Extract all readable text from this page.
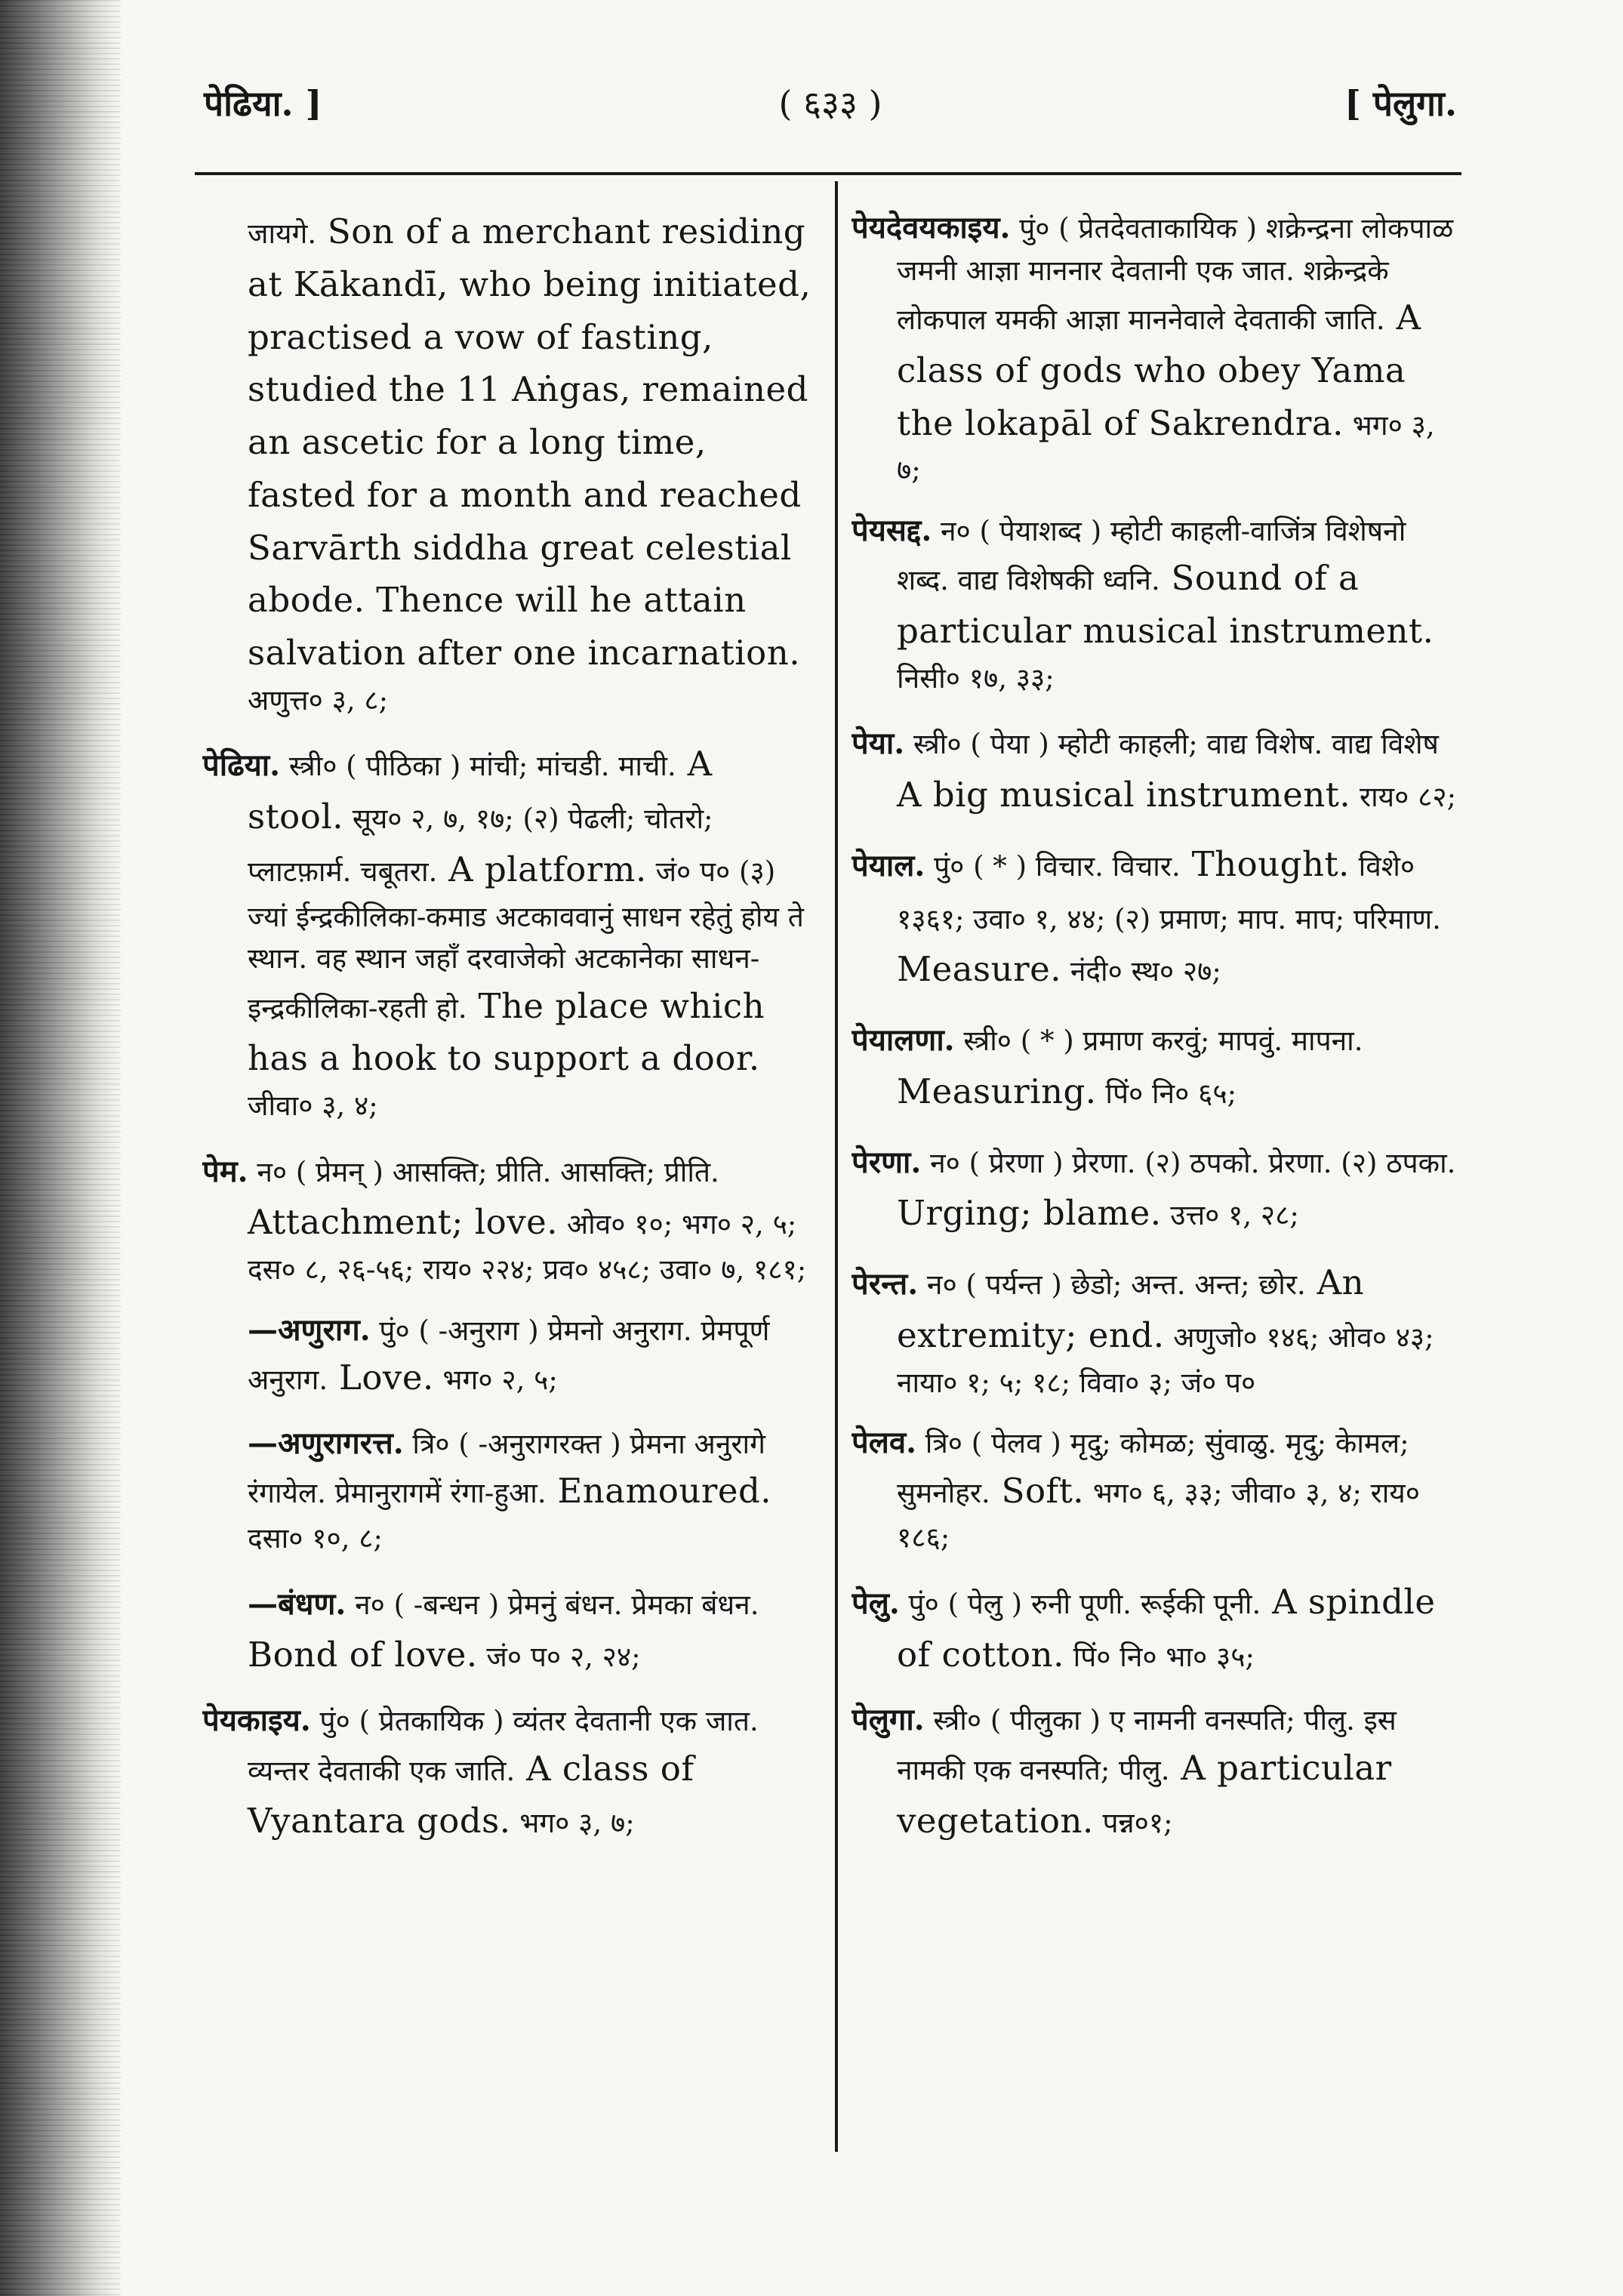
( ६३३ )
पेढिया. ]	[ पेलुगा.

जायगे. Son of a merchant residing at Kākandī, who being initiated, practised a vow of fasting, studied the 11 Aṅgas, remained an ascetic for a long time, fasted for a month and reached Sarvārth siddha great celestial abode. Thence will he attain salvation after one incarnation.अणुत्त० ३, ८;

पेढिया. स्त्री० ( पीठिका ) मांची; मांचडी. माची. A stool. सूय० २, ७, १७; (२) पेढली; चोतरो; प्लाटफ़ार्म. चबूतरा. A platform. जं० प० (३) ज्यां ईन्द्रकीलिका-कमाड अटकाववानुं साधन रहेतुं होय ते स्थान. वह स्थान जहाँ दरवाजेको अटकानेका साधन-इन्द्रकीलिका-रहती हो. The place which has a hook to support a door.जीवा० ३, ४;

पेम. न० ( प्रेमन् ) आसक्ति; प्रीति. आसक्ति; प्रीति.Attachment; love. ओव० १०; भग० २, ५; दस० ८, २६-५६; राय० २२४; प्रव० ४५८; उवा० ७, १८१;

—अणुराग. पुं० ( -अनुराग ) प्रेमनो अनुराग. प्रेमपूर्ण अनुराग. Love. भग० २, ५;

—अणुरागरत्त. त्रि० ( -अनुरागरक्त ) प्रेमना अनुरागे रंगायेल. प्रेमानुरागमें रंगा-हुआ. Enamoured.दसा० १०, ८;

—बंधण. न० ( -बन्धन ) प्रेमनुं बंधन. प्रेमका बंधन.Bond of love. जं० प० २, २४;

पेयकाइय. पुं० ( प्रेतकायिक ) व्यंतर देवतानी एक जात. व्यन्तर देवताकी एक जाति. A class of Vyantara gods. भग० ३, ७;

पेयदेवयकाइय. पुं० ( प्रेतदेवताकायिक ) शक्रेन्द्रना लोकपाळ जमनी आज्ञा माननार देवतानी एक जात. शक्रेन्द्रके लोकपाल यमकी आज्ञा माननेवाले देवताकी जाति. A class of gods who obey Yama the lokapāl of Sakrendra. भग० ३, ७;

पेयसद्द. न० ( पेयाशब्द ) म्होटी काहली-वाजिंत्र विशेषनो शब्द. वाद्य विशेषकी ध्वनि. Sound of a particular musical instrument.निसी० १७, ३३;

पेया. स्त्री० ( पेया ) म्होटी काहली; वाद्य विशेष. वाद्य विशेषA big musical instrument. राय० ८२;

पेयाल. पुं० ( * ) विचार. विचार. Thought. विशे० १३६१; उवा० १, ४४; (२) प्रमाण; माप. माप; परिमाण.Measure. नंदी० स्थ० २७;

पेयालणा. स्त्री० ( * ) प्रमाण करवुं; मापवुं. मापना.Measuring. पिं० नि० ६५;

पेरणा. न० ( प्रेरणा ) प्रेरणा. (२) ठपको. प्रेरणा. (२) ठपका.Urging; blame. उत्त० १, २८;

पेरन्त. न० ( पर्यन्त ) छेडो; अन्त. अन्त; छोर. An extremity; end. अणुजो० १४६; ओव० ४३; नाया० १; ५; १८; विवा० ३; जं० प०

पेलव. त्रि० ( पेलव ) मृदु; कोमळ; सुंवाळु. मृदु; केामल; सुमनोहर. Soft. भग० ६, ३३; जीवा० ३, ४; राय० १८६;

पेलु. पुं० ( पेलु ) रुनी पूणी. रूईकी पूनी. A spindle of cotton. पिं० नि० भा० ३५;

पेलुगा. स्त्री० ( पीलुका ) ए नामनी वनस्पति; पीलु. इस नामकी एक वनस्पति; पीलु. A particular vegetation. पन्न०१;
